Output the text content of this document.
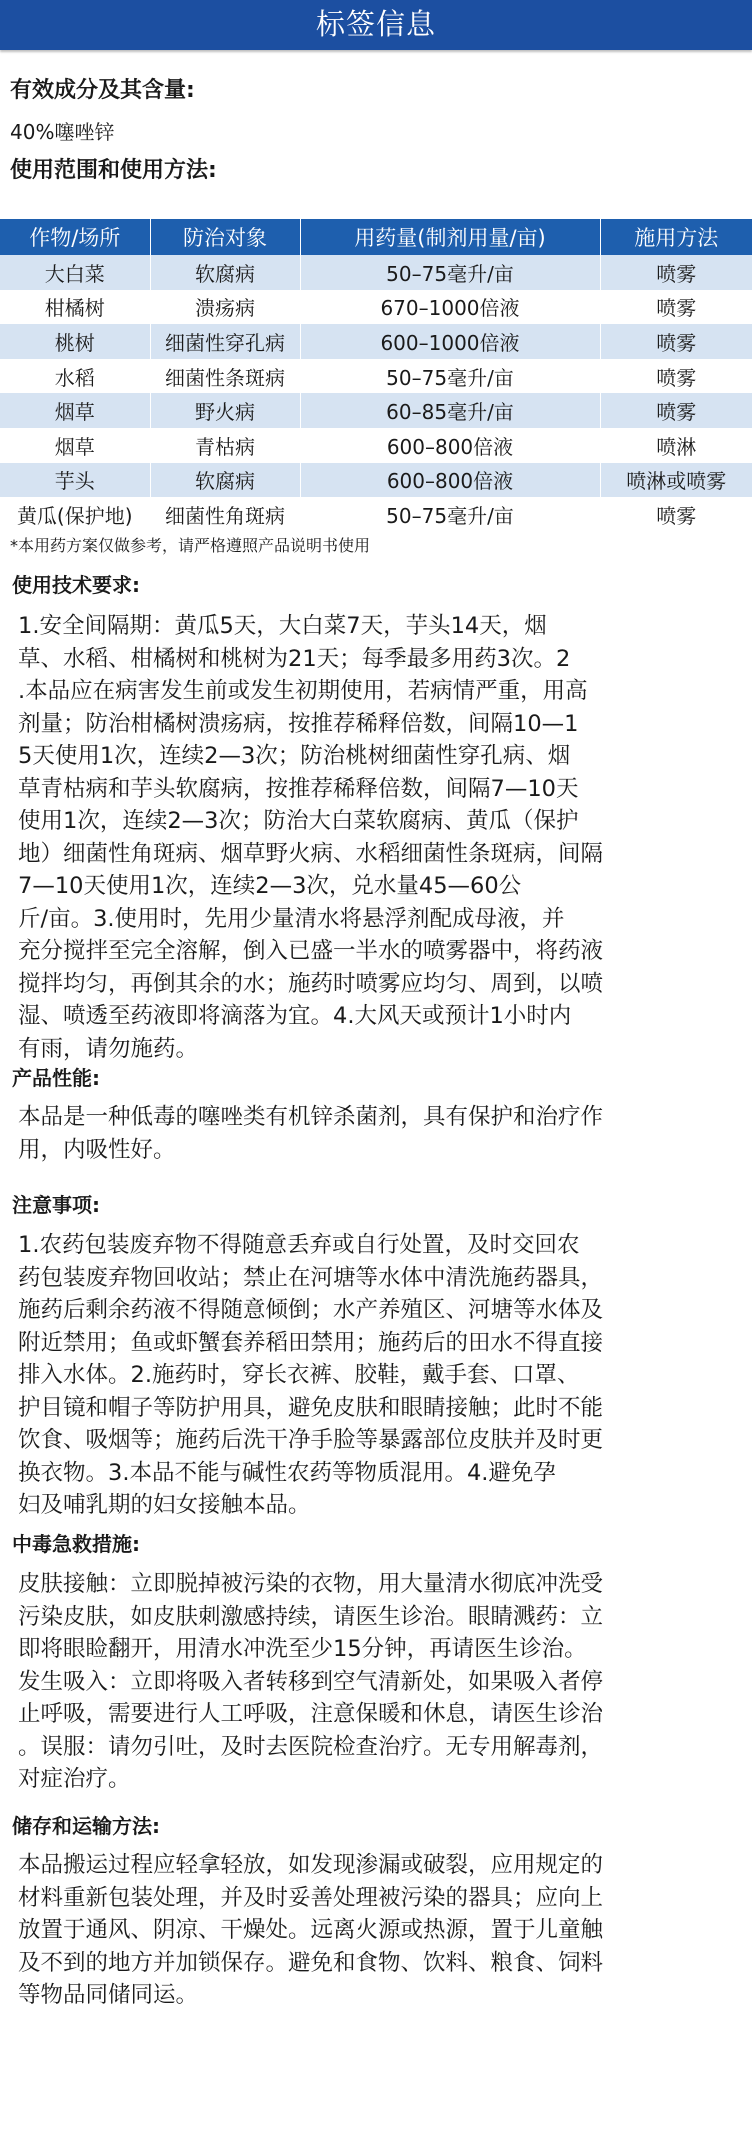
标签信息
有效成分及其含量:
40%噻唑锌
使用范围和使用方法:
作物/场所	防治对象	用药量(制剂用量/亩)	施用方法
大白菜	软腐病	50–75毫升/亩	喷雾
柑橘树	溃疡病	670–1000倍液	喷雾
桃树	细菌性穿孔病	600–1000倍液	喷雾
水稻	细菌性条斑病	50–75毫升/亩	喷雾
烟草	野火病	60–85毫升/亩	喷雾
烟草	青枯病	600–800倍液	喷淋
芋头	软腐病	600–800倍液	喷淋或喷雾
黄瓜(保护地)	细菌性角斑病	50–75毫升/亩	喷雾
*本用药方案仅做参考，请严格遵照产品说明书使用
使用技术要求:
1.安全间隔期：黄瓜5天，大白菜7天，芋头14天，烟
草、水稻、柑橘树和桃树为21天；每季最多用药3次。2
.本品应在病害发生前或发生初期使用，若病情严重，用高
剂量；防治柑橘树溃疡病，按推荐稀释倍数，间隔10—1
5天使用1次，连续2—3次；防治桃树细菌性穿孔病、烟
草青枯病和芋头软腐病，按推荐稀释倍数，间隔7—10天
使用1次，连续2—3次；防治大白菜软腐病、黄瓜（保护
地）细菌性角斑病、烟草野火病、水稻细菌性条斑病，间隔
7—10天使用1次，连续2—3次，兑水量45—60公
斤/亩。3.使用时，先用少量清水将悬浮剂配成母液，并
充分搅拌至完全溶解，倒入已盛一半水的喷雾器中，将药液
搅拌均匀，再倒其余的水；施药时喷雾应均匀、周到，以喷
湿、喷透至药液即将滴落为宜。4.大风天或预计1小时内
有雨，请勿施药。
产品性能:
本品是一种低毒的噻唑类有机锌杀菌剂，具有保护和治疗作
用，内吸性好。
注意事项:
1.农药包装废弃物不得随意丢弃或自行处置，及时交回农
药包装废弃物回收站；禁止在河塘等水体中清洗施药器具，
施药后剩余药液不得随意倾倒；水产养殖区、河塘等水体及
附近禁用；鱼或虾蟹套养稻田禁用；施药后的田水不得直接
排入水体。2.施药时，穿长衣裤、胶鞋，戴手套、口罩、
护目镜和帽子等防护用具，避免皮肤和眼睛接触；此时不能
饮食、吸烟等；施药后洗干净手脸等暴露部位皮肤并及时更
换衣物。3.本品不能与碱性农药等物质混用。4.避免孕
妇及哺乳期的妇女接触本品。
中毒急救措施:
皮肤接触：立即脱掉被污染的衣物，用大量清水彻底冲洗受
污染皮肤，如皮肤刺激感持续，请医生诊治。眼睛溅药：立
即将眼睑翻开，用清水冲洗至少15分钟，再请医生诊治。
发生吸入：立即将吸入者转移到空气清新处，如果吸入者停
止呼吸，需要进行人工呼吸，注意保暖和休息，请医生诊治
。误服：请勿引吐，及时去医院检查治疗。无专用解毒剂，
对症治疗。
储存和运输方法:
本品搬运过程应轻拿轻放，如发现渗漏或破裂，应用规定的
材料重新包装处理，并及时妥善处理被污染的器具；应向上
放置于通风、阴凉、干燥处。远离火源或热源，置于儿童触
及不到的地方并加锁保存。避免和食物、饮料、粮食、饲料
等物品同储同运。
